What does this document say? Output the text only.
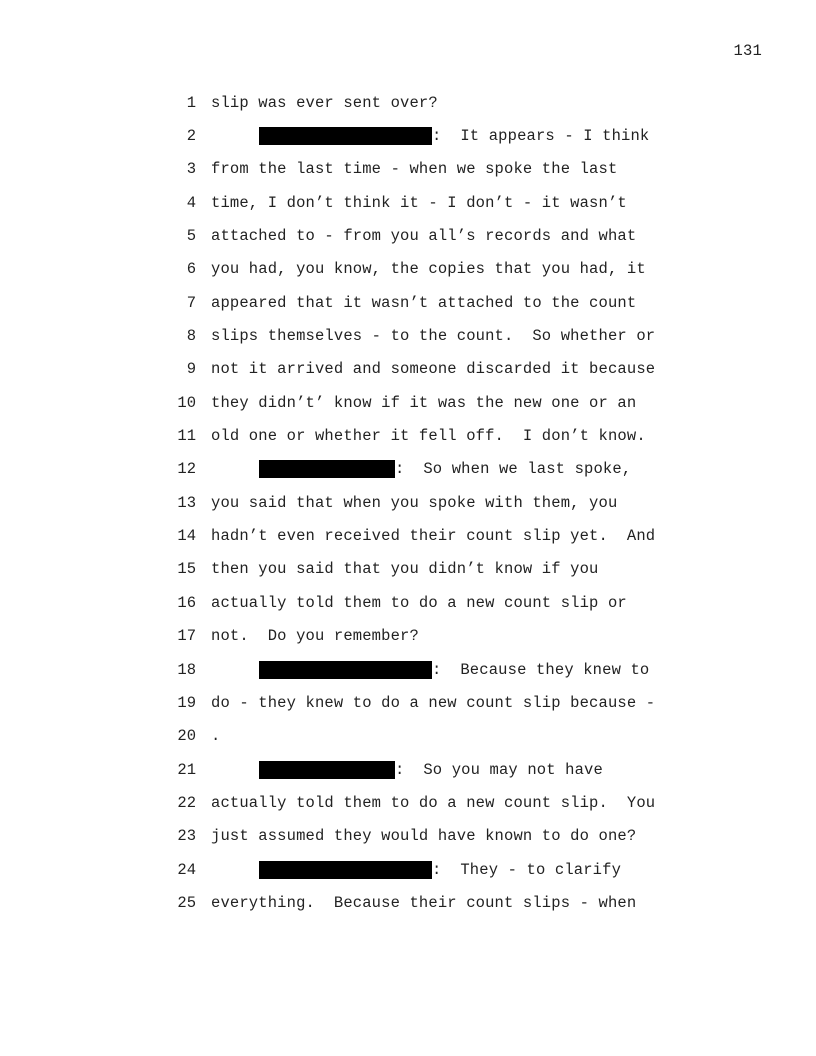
131
1 slip was ever sent over?
2	:  It appears - I think
3 from the last time - when we spoke the last
4 time, I don’t think it - I don’t - it wasn’t
5 attached to - from you all’s records and what
6 you had, you know, the copies that you had, it
7 appeared that it wasn’t attached to the count
8 slips themselves - to the count.  So whether or
9 not it arrived and someone discarded it because
10 they didn’t’ know if it was the new one or an
11 old one or whether it fell off.  I don’t know.
12	:  So when we last spoke,
13 you said that when you spoke with them, you
14 hadn’t even received their count slip yet.  And
15 then you said that you didn’t know if you
16 actually told them to do a new count slip or
17 not.  Do you remember?
18	:  Because they knew to
19 do - they knew to do a new count slip because -
20 .
21	:  So you may not have
22 actually told them to do a new count slip.  You
23 just assumed they would have known to do one?
24	:  They - to clarify
25 everything.  Because their count slips - when
